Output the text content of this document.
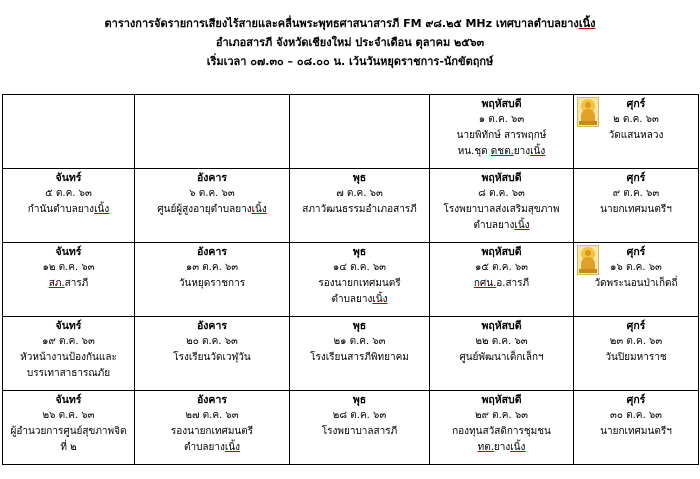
ตารางการจัดรายการเสียงไร้สายและคลื่นพระพุทธศาสนาสารภี FM ๙๘.๒๕ MHz เทศบาลตำบลยางเนิ้ง
อำเภอสารภี จังหวัดเชียงใหม่ ประจำเดือน ตุลาคม ๒๕๖๓
เริ่มเวลา ๐๗.๓๐ – ๐๘.๐๐ น. เว้นวันหยุดราชการ-นักขัตฤกษ์

			พฤหัสบดี
๑ ต.ค. ๖๓
นายพิทักษ์ สารพฤกษ์
หน.ชุด ดชต.ยางเนิ้ง	ศุกร์
๒ ต.ค. ๖๓
วัดแสนหลวง

จันทร์
๕ ต.ค. ๖๓
กำนันตำบลยางเนิ้ง	อังคาร
๖ ต.ค. ๖๓
ศูนย์ผู้สูงอายุตำบลยางเนิ้ง	พุธ
๗ ต.ค. ๖๓
สภาวัฒนธรรมอำเภอสารภี	พฤหัสบดี
๘ ต.ค. ๖๓
โรงพยาบาลส่งเสริมสุขภาพ
ตำบลยางเนิ้ง	ศุกร์
๙ ต.ค. ๖๓
นายกเทศมนตรีฯ

จันทร์
๑๒ ต.ค. ๖๓
สภ.สารภี	อังคาร
๑๓ ต.ค. ๖๓
วันหยุดราชการ	พุธ
๑๔ ต.ค. ๖๓
รองนายกเทศมนตรี
ตำบลยางเนิ้ง	พฤหัสบดี
๑๕ ต.ค. ๖๓
กศน.อ.สารภี	ศุกร์
๑๖ ต.ค. ๖๓
วัดพระนอนป่าเก็ดถี่

จันทร์
๑๙ ต.ค. ๖๓
หัวหน้างานป้องกันและ
บรรเทาสาธารณภัย	อังคาร
๒๐ ต.ค. ๖๓
โรงเรียนวัดเวฬุวัน	พุธ
๒๑ ต.ค. ๖๓
โรงเรียนสารภีพิทยาคม	พฤหัสบดี
๒๒ ต.ค. ๖๓
ศูนย์พัฒนาเด็กเล็กฯ	ศุกร์
๒๓ ต.ค. ๖๓
วันปิยมหาราช

จันทร์
๒๖ ต.ค. ๖๓
ผู้อำนวยการศูนย์สุขภาพจิต
ที่ ๒	อังคาร
๒๗ ต.ค. ๖๓
รองนายกเทศมนตรี
ตำบลยางเนิ้ง	พุธ
๒๘ ต.ค. ๖๓
โรงพยาบาลสารภี	พฤหัสบดี
๒๙ ต.ค. ๖๓
กองทุนสวัสดิการชุมชน
ทต.ยางเนิ้ง	ศุกร์
๓๐ ต.ค. ๖๓
นายกเทศมนตรีฯ
